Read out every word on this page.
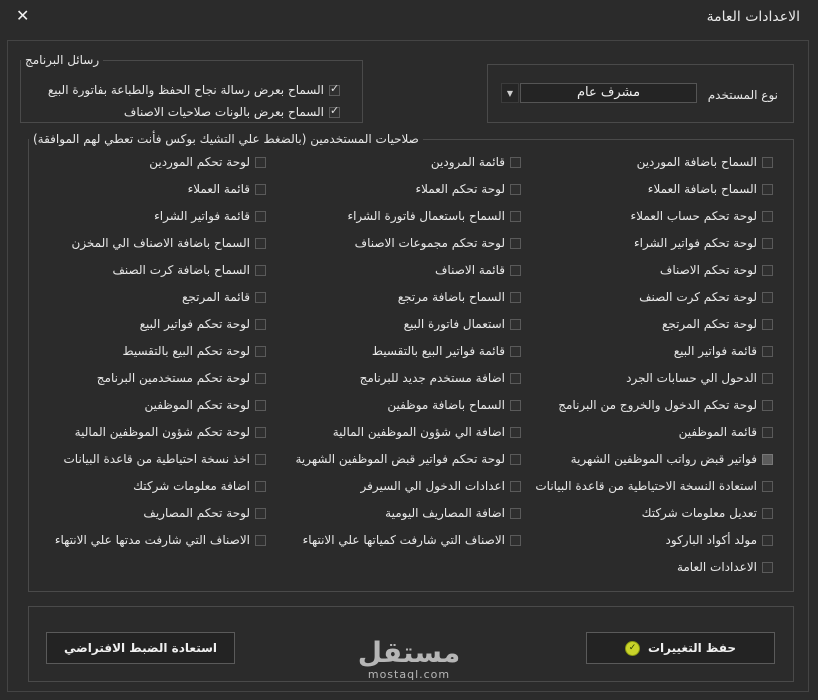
الاعدادات العامة
✕
رسائل البرنامج
✓
السماح بعرض رسالة نجاح الحفظ والطباعة بفاتورة البيع
✓
السماح بعرض بالونات صلاحيات الاصناف
نوع المستخدم
▼	مشرف عام
صلاحيات المستخدمين (بالضغط علي التشيك بوكس فأنت تعطي لهم الموافقة)
السماح باضافة الموردين
السماح باضافة العملاء
لوحة تحكم حساب العملاء
لوحة تحكم فواتير الشراء
لوحة تحكم الاصناف
لوحة تحكم كرت الصنف
لوحة تحكم المرتجع
قائمة فواتير البيع
الدحول الي حسابات الجرد
لوحة تحكم الدخول والخروج من البرنامج
قائمة الموظفين
فواتير قبض رواتب الموظفين الشهرية
استعادة النسخة الاحتياطية من قاعدة البيانات
تعديل معلومات شركتك
مولد أكواد الباركود
الاعدادات العامة
قائمة المرودين
لوحة تحكم العملاء
السماح باستعمال فاتورة الشراء
لوحة تحكم مجموعات الاصناف
قائمة الاصناف
السماح باضافة مرتجع
استعمال فاتورة البيع
قائمة فواتير البيع بالتقسيط
اضافة مستخدم جديد للبرنامج
السماح باضافة موظفين
اضافة الي شؤون الموظفين المالية
لوحة تحكم فواتير قبض الموظفين الشهرية
اعدادات الدخول الي السيرفر
اضافة المصاريف اليومية
الاصناف التي شارفت كمياتها علي الانتهاء
لوحة تحكم الموردين
قائمة العملاء
قائمة فواتير الشراء
السماح باضافة الاصناف الي المخزن
السماح باضافة كرت الصنف
قائمة المرتجع
لوحة تحكم فواتير البيع
لوحة تحكم البيع بالتقسيط
لوحة تحكم مستخدمين البرنامج
لوحة تحكم الموظفين
لوحة تحكم شؤون الموظفين المالية
اخذ نسخة احتياطية من قاعدة البيانات
اضافة معلومات شركتك
لوحة تحكم المصاريف
الاصناف التي شارفت مدتها علي الانتهاء
حفظ التغييرات
✓
استعادة الضبط الافتراضي	مستقل
mostaql.com
